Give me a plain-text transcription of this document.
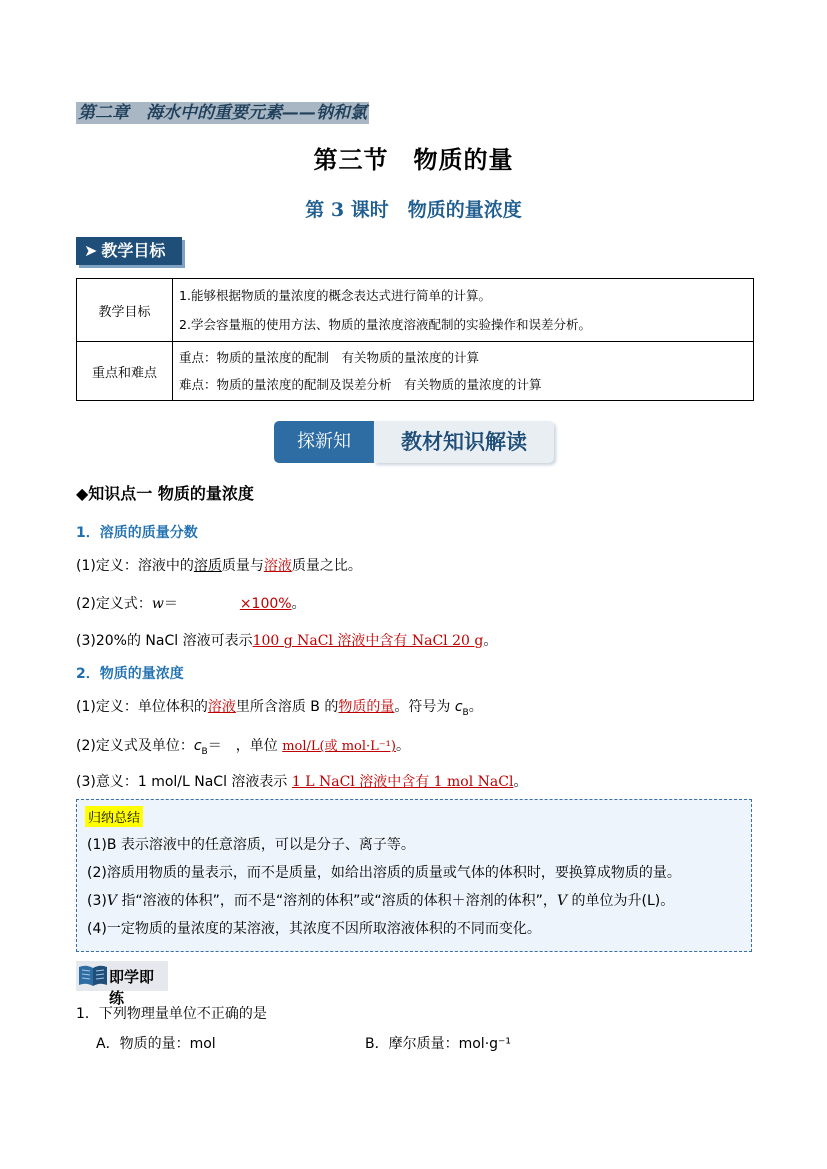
第二章　海水中的重要元素——钠和氯
第三节　物质的量
第 3 课时　物质的量浓度
➤ 教学目标
教学目标	1.能够根据物质的量浓度的概念表达式进行简单的计算。
2.学会容量瓶的使用方法、物质的量浓度溶液配制的实验操作和误差分析。

重点和难点	重点：物质的量浓度的配制　有关物质的量浓度的计算
难点：物质的量浓度的配制及误差分析　有关物质的量浓度的计算
探新知	教材知识解读
◆知识点一 物质的量浓度
1．溶质的质量分数
(1)定义：溶液中的溶质质量与溶液质量之比。
(2)定义式：w＝	×100%。
(3)20%的 NaCl 溶液可表示100 g NaCl 溶液中含有 NaCl 20 g。
2．物质的量浓度
(1)定义：单位体积的溶液里所含溶质 B 的物质的量。符号为 $c_B$。
(2)定义式及单位：$c_B=$　，单位 mol/L(或 mol·L⁻¹)。
(3)意义：1 mol/L NaCl 溶液表示 1 L NaCl 溶液中含有 1 mol NaCl。
归纳总结
(1)B 表示溶液中的任意溶质，可以是分子、离子等。
(2)溶质用物质的量表示，而不是质量，如给出溶质的质量或气体的体积时，要换算成物质的量。
(3)V 指“溶液的体积”，而不是“溶剂的体积”或“溶质的体积＋溶剂的体积”，V 的单位为升(L)。
(4)一定物质的量浓度的某溶液，其浓度不因所取溶液体积的不同而变化。
即学即练
1．下列物理量单位不正确的是
A．物质的量：mol	B．摩尔质量：mol·g⁻¹
